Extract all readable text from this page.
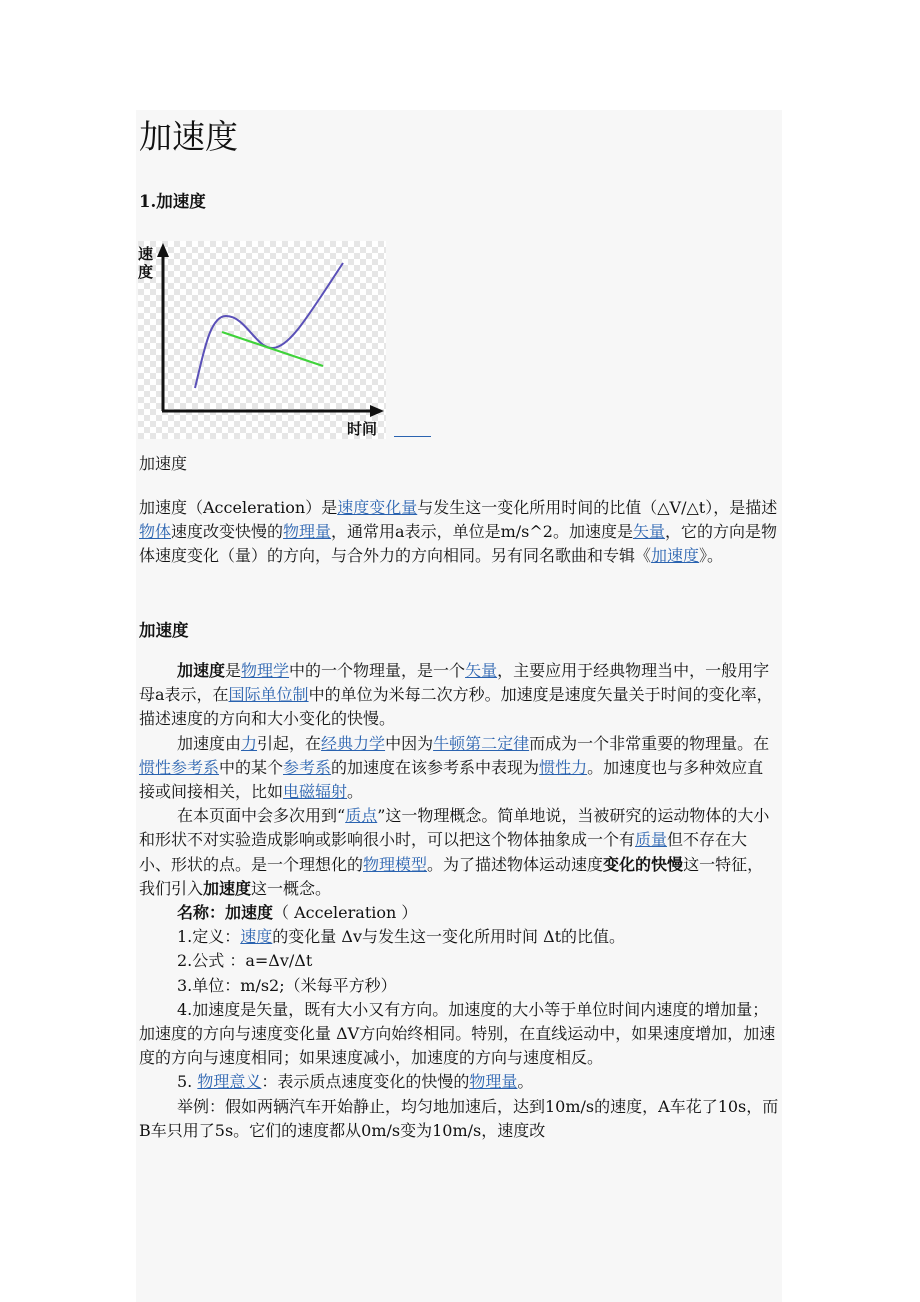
加速度
1.加速度
速
度
时间
加速度

加速度（Acceleration）是速度变化量与发生这一变化所用时间的比值（△V/△t），是描述物体速度改变快慢的物理量，通常用a表示，单位是m/s^2。加速度是矢量，它的方向是物体速度变化（量）的方向，与合外力的方向相同。另有同名歌曲和专辑《加速度》。

加速度

加速度是物理学中的一个物理量，是一个矢量，主要应用于经典物理当中，一般用字母a表示，在国际单位制中的单位为米每二次方秒。加速度是速度矢量关于时间的变化率，描述速度的方向和大小变化的快慢。

加速度由力引起，在经典力学中因为牛顿第二定律而成为一个非常重要的物理量。在惯性参考系中的某个参考系的加速度在该参考系中表现为惯性力。加速度也与多种效应直接或间接相关，比如电磁辐射。

在本页面中会多次用到“质点”这一物理概念。简单地说，当被研究的运动物体的大小和形状不对实验造成影响或影响很小时，可以把这个物体抽象成一个有质量但不存在大小、形状的点。是一个理想化的物理模型。为了描述物体运动速度变化的快慢这一特征，我们引入加速度这一概念。

名称：加速度（ Acceleration ）
1.定义：速度的变化量 Δv与发生这一变化所用时间 Δt的比值。
2.公式 ：a=Δv/Δt
3.单位：m/s2;（米每平方秒）

4.加速度是矢量，既有大小又有方向。加速度的大小等于单位时间内速度的增加量；加速度的方向与速度变化量 ΔV方向始终相同。特别，在直线运动中，如果速度增加，加速度的方向与速度相同；如果速度减小，加速度的方向与速度相反。

5. 物理意义：表示质点速度变化的快慢的物理量。

举例：假如两辆汽车开始静止，均匀地加速后，达到10m/s的速度，A车花了10s，而B车只用了5s。它们的速度都从0m/s变为10m/s，速度改
